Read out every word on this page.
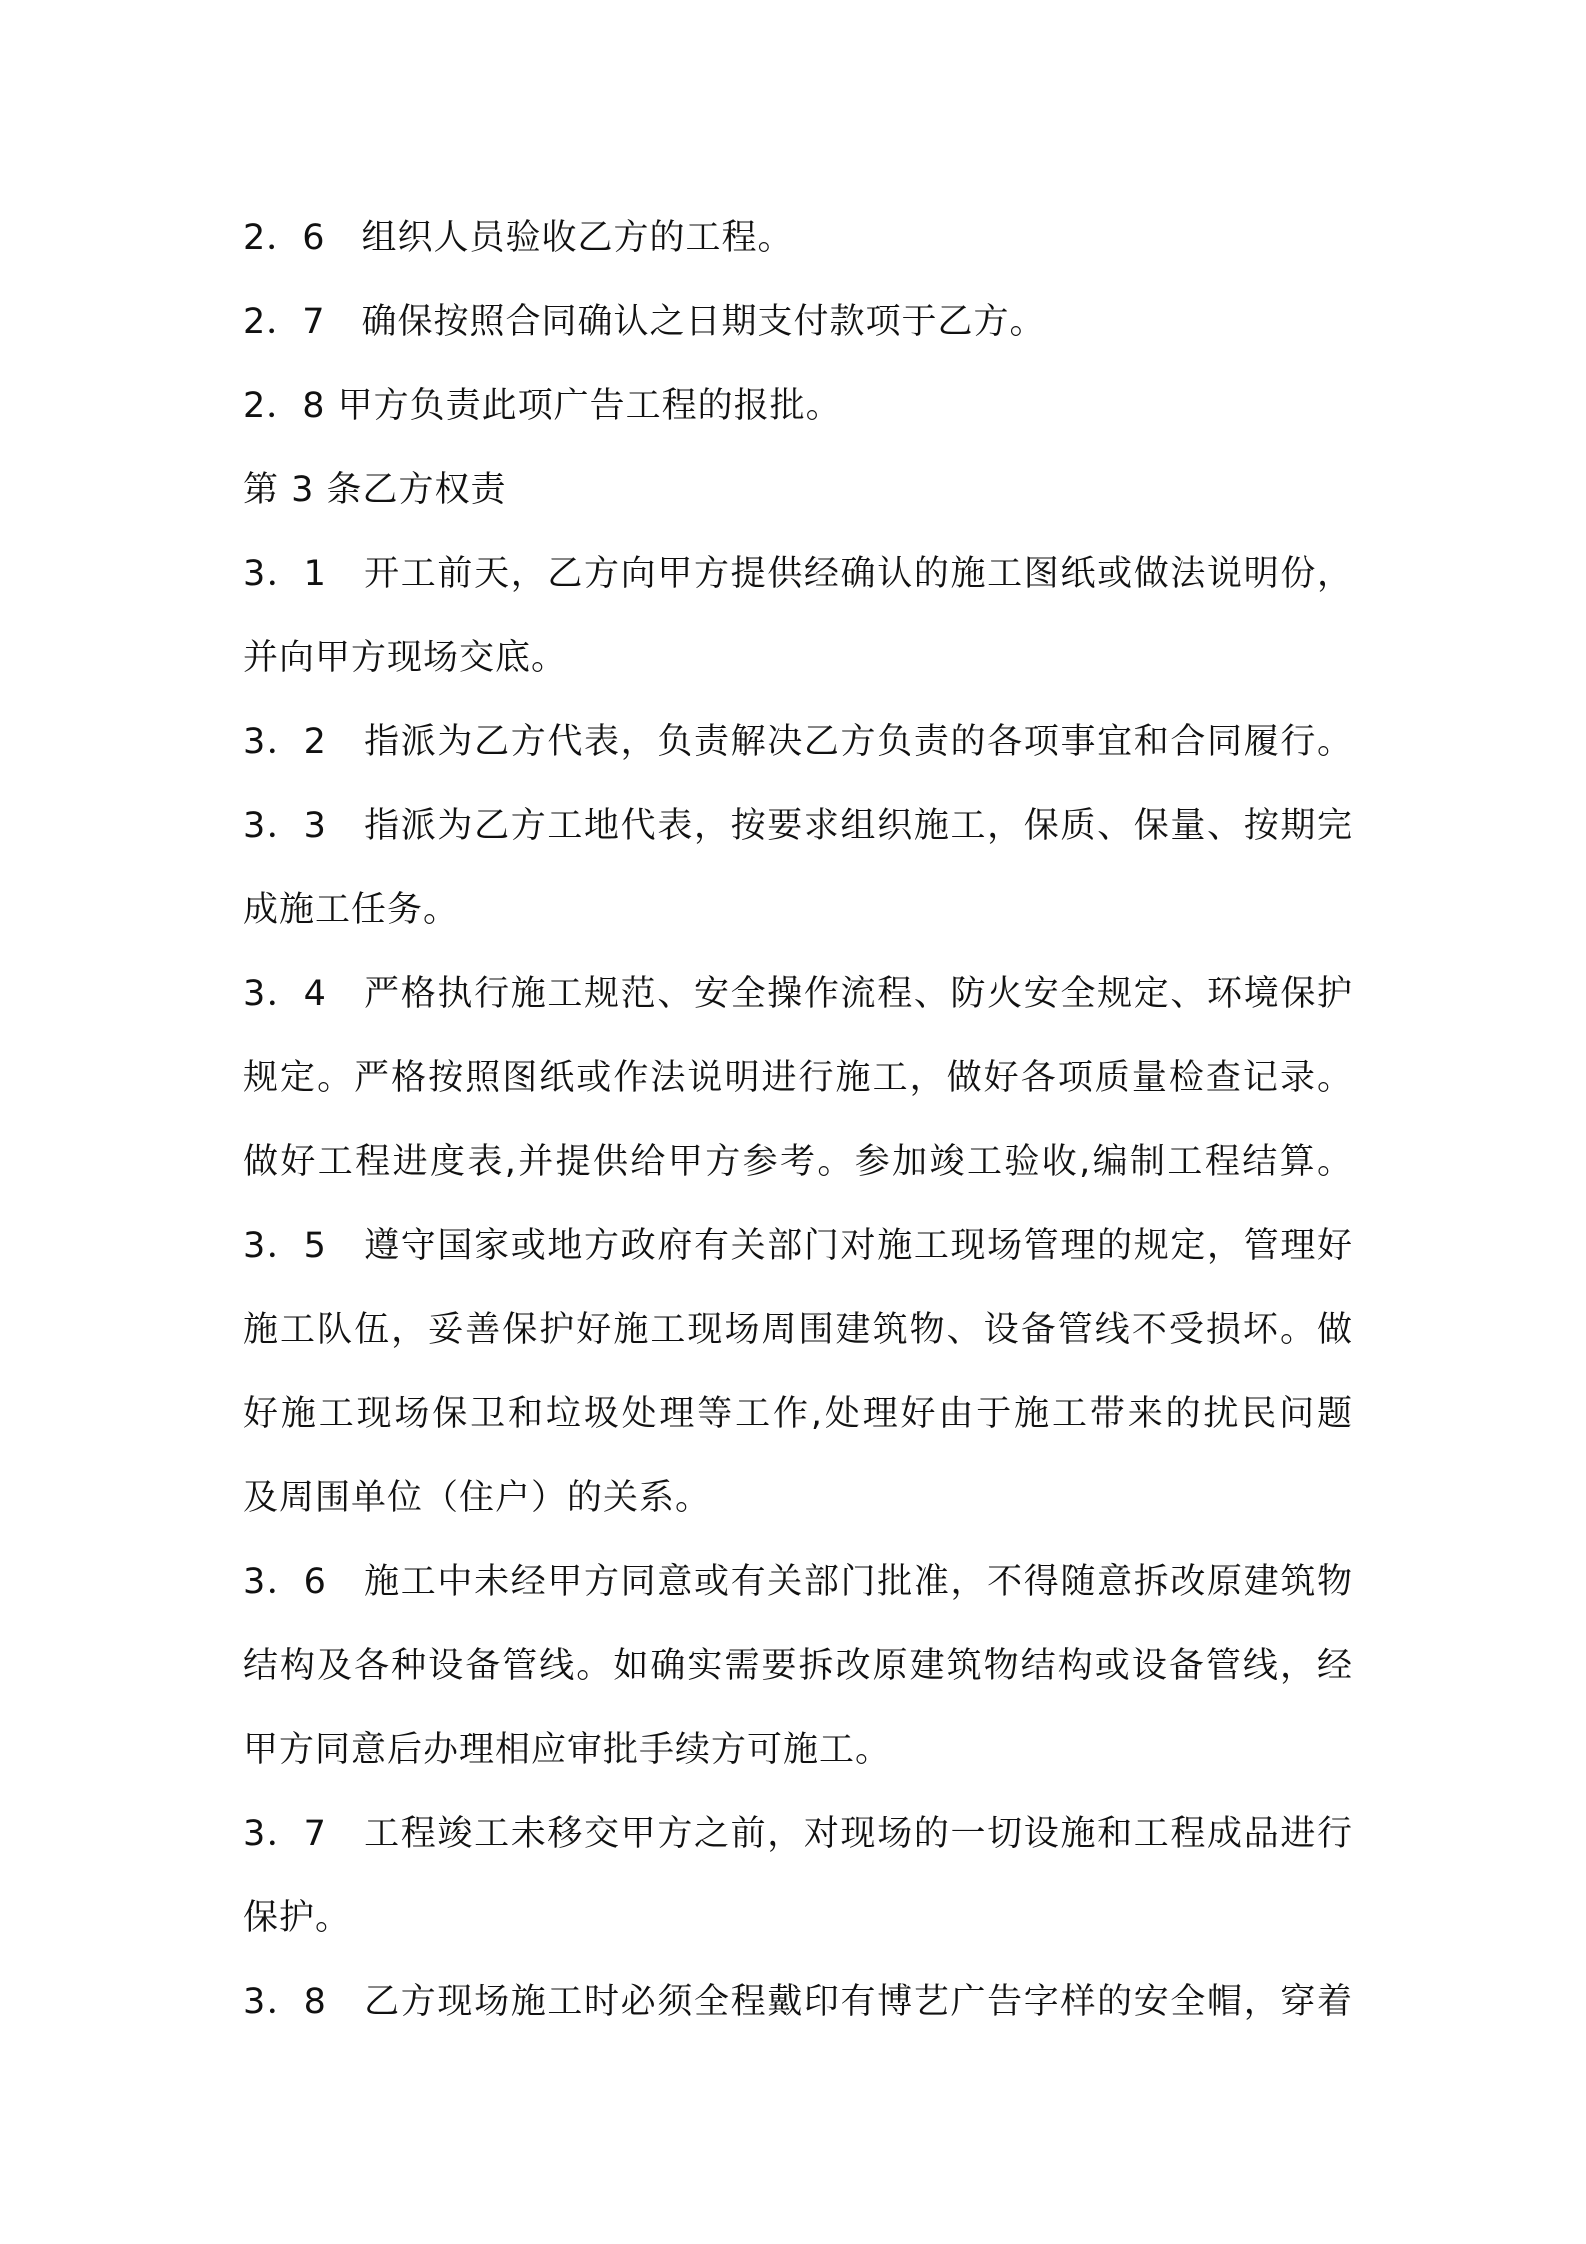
2．6　组织人员验收乙方的工程。
2．7　确保按照合同确认之日期支付款项于乙方。
2．8 甲方负责此项广告工程的报批。
第 3 条乙方权责
3．1　开工前天，乙方向甲方提供经确认的施工图纸或做法说明份，
并向甲方现场交底。
3．2　指派为乙方代表，负责解决乙方负责的各项事宜和合同履行。
3．3　指派为乙方工地代表，按要求组织施工，保质、保量、按期完
成施工任务。
3．4　严格执行施工规范、安全操作流程、防火安全规定、环境保护
规定。严格按照图纸或作法说明进行施工，做好各项质量检查记录。
做好工程进度表,并提供给甲方参考。参加竣工验收,编制工程结算。
3．5　遵守国家或地方政府有关部门对施工现场管理的规定，管理好
施工队伍，妥善保护好施工现场周围建筑物、设备管线不受损坏。做
好施工现场保卫和垃圾处理等工作,处理好由于施工带来的扰民问题
及周围单位（住户）的关系。
3．6　施工中未经甲方同意或有关部门批准，不得随意拆改原建筑物
结构及各种设备管线。如确实需要拆改原建筑物结构或设备管线，经
甲方同意后办理相应审批手续方可施工。
3．7　工程竣工未移交甲方之前，对现场的一切设施和工程成品进行
保护。
3．8　乙方现场施工时必须全程戴印有博艺广告字样的安全帽，穿着
